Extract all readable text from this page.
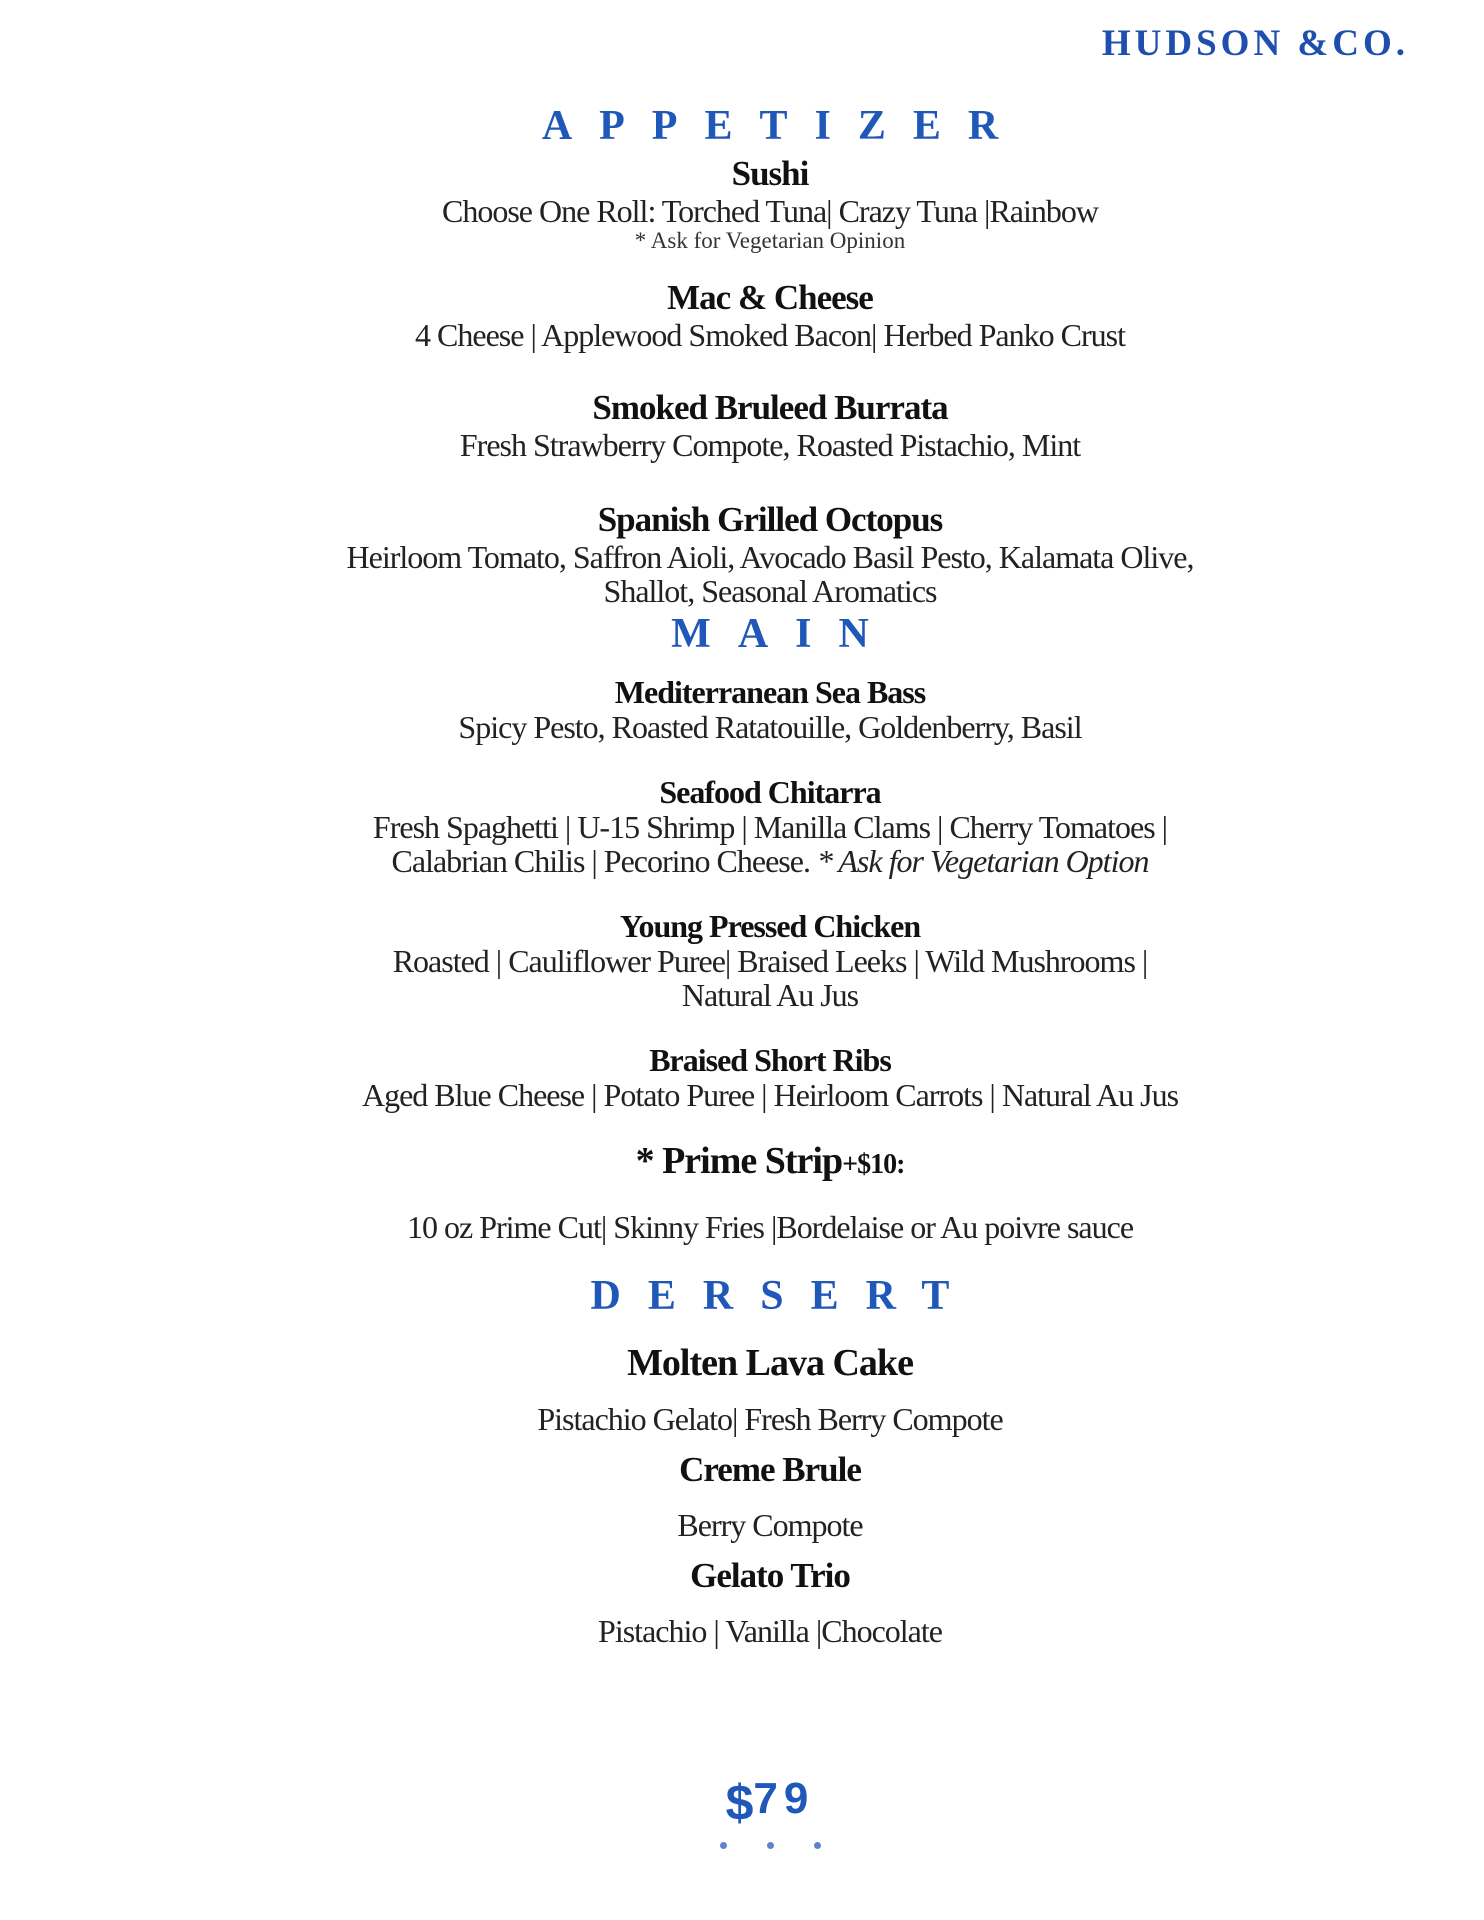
HUDSON &CO.
APPETIZER
Sushi
Choose One Roll: Torched Tuna| Crazy Tuna |Rainbow
* Ask for Vegetarian Opinion
Mac & Cheese
4 Cheese | Applewood Smoked Bacon| Herbed Panko Crust
Smoked Bruleed Burrata
Fresh Strawberry Compote, Roasted Pistachio, Mint
Spanish Grilled Octopus
Heirloom Tomato, Saffron Aioli, Avocado Basil Pesto, Kalamata Olive,
Shallot, Seasonal Aromatics
MAIN
Mediterranean Sea Bass
Spicy Pesto, Roasted Ratatouille, Goldenberry, Basil
Seafood Chitarra
Fresh Spaghetti | U-15 Shrimp | Manilla Clams | Cherry Tomatoes |
Calabrian Chilis | Pecorino Cheese. * Ask for Vegetarian Option
Young Pressed Chicken
Roasted | Cauliflower Puree| Braised Leeks | Wild Mushrooms |
Natural Au Jus
Braised Short Ribs
Aged Blue Cheese | Potato Puree | Heirloom Carrots | Natural Au Jus
* Prime Strip+$10:
10 oz Prime Cut| Skinny Fries |Bordelaise or Au poivre sauce
DERSERT
Molten Lava Cake
Pistachio Gelato| Fresh Berry Compote
Creme Brule
Berry Compote
Gelato Trio
Pistachio | Vanilla |Chocolate
$79
